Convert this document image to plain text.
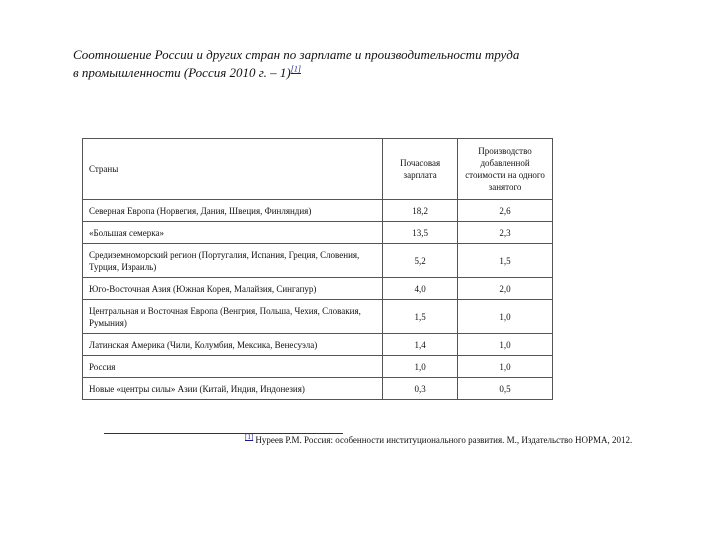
Соотношение России и других стран по зарплате и производительности труда
в промышленности (Россия 2010 г. – 1)[1]
Страны	Почасовая зарплата	Производство добавленной стоимости на одного занятого
Северная Европа (Норвегия, Дания, Швеция, Финляндия)	18,2	2,6
«Большая семерка»	13,5	2,3
Средиземноморский регион (Португалия, Испания, Греция, Словения, Турция, Израиль)	5,2	1,5
Юго-Восточная Азия (Южная Корея, Малайзия, Сингапур)	4,0	2,0
Центральная и Восточная Европа (Венгрия, Польша, Чехия, Словакия, Румыния)	1,5	1,0
Латинская Америка (Чили, Колумбия, Мексика, Венесуэла)	1,4	1,0
Россия	1,0	1,0
Новые «центры силы» Азии (Китай, Индия, Индонезия)	0,3	0,5
[1] Нуреев Р.М. Россия: особенности институционального развития. М., Издательство НОРМА, 2012.
